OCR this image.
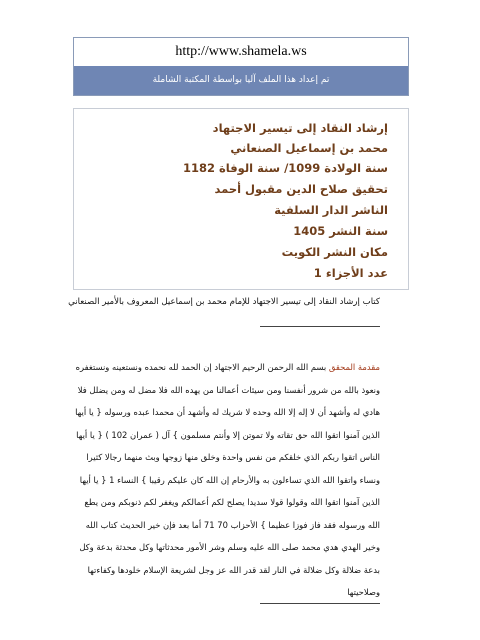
http://www.shamela.ws
تم إعداد هذا الملف آليا بواسطة المكتبة الشاملة
إرشاد النقاد إلى تيسير الاجتهاد
محمد بن إسماعيل الصنعاني
سنة الولادة 1099/ سنة الوفاة 1182
تحقيق صلاح الدين مقبول أحمد
الناشر الدار السلفية
سنة النشر 1405
مكان النشر الكويت
عدد الأجزاء 1
كتاب إرشاد النقاد إلى تيسير الاجتهاد للإمام محمد بن إسماعيل المعروف بالأمير الصنعاني
مقدمة المحقق بسم الله الرحمن الرحيم الاجتهاد إن الحمد لله نحمده ونستعينه ونستغفره
ونعوذ بالله من شرور أنفسنا ومن سيئات أعمالنا من يهده الله فلا مضل له ومن يضلل فلا
هادي له وأشهد أن لا إله إلا الله وحده لا شريك له وأشهد أن محمدا عبده ورسوله { يا أيها
الذين آمنوا اتقوا الله حق تقاته ولا تموتن إلا وأنتم مسلمون } آل ( عمران 102 ) { يا أيها
الناس اتقوا ربكم الذي خلقكم من نفس واحدة وخلق منها زوجها وبث منهما رجالا كثيرا
ونساء واتقوا الله الذي تساءلون به والأرحام إن الله كان عليكم رقيبا } النساء 1 { يا أيها
الذين آمنوا اتقوا الله وقولوا قولا سديدا يصلح لكم أعمالكم ويغفر لكم ذنوبكم ومن يطع
الله ورسوله فقد فاز فوزا عظيما } الأحزاب 70 71 أما بعد فإن خير الحديث كتاب الله
وخير الهدي هدي محمد صلى الله عليه وسلم وشر الأمور محدثاتها وكل محدثة بدعة وكل
بدعة ضلالة وكل ضلالة في النار لقد قدر الله عز وجل لشريعة الإسلام خلودها وكفاءتها
وصلاحيتها
